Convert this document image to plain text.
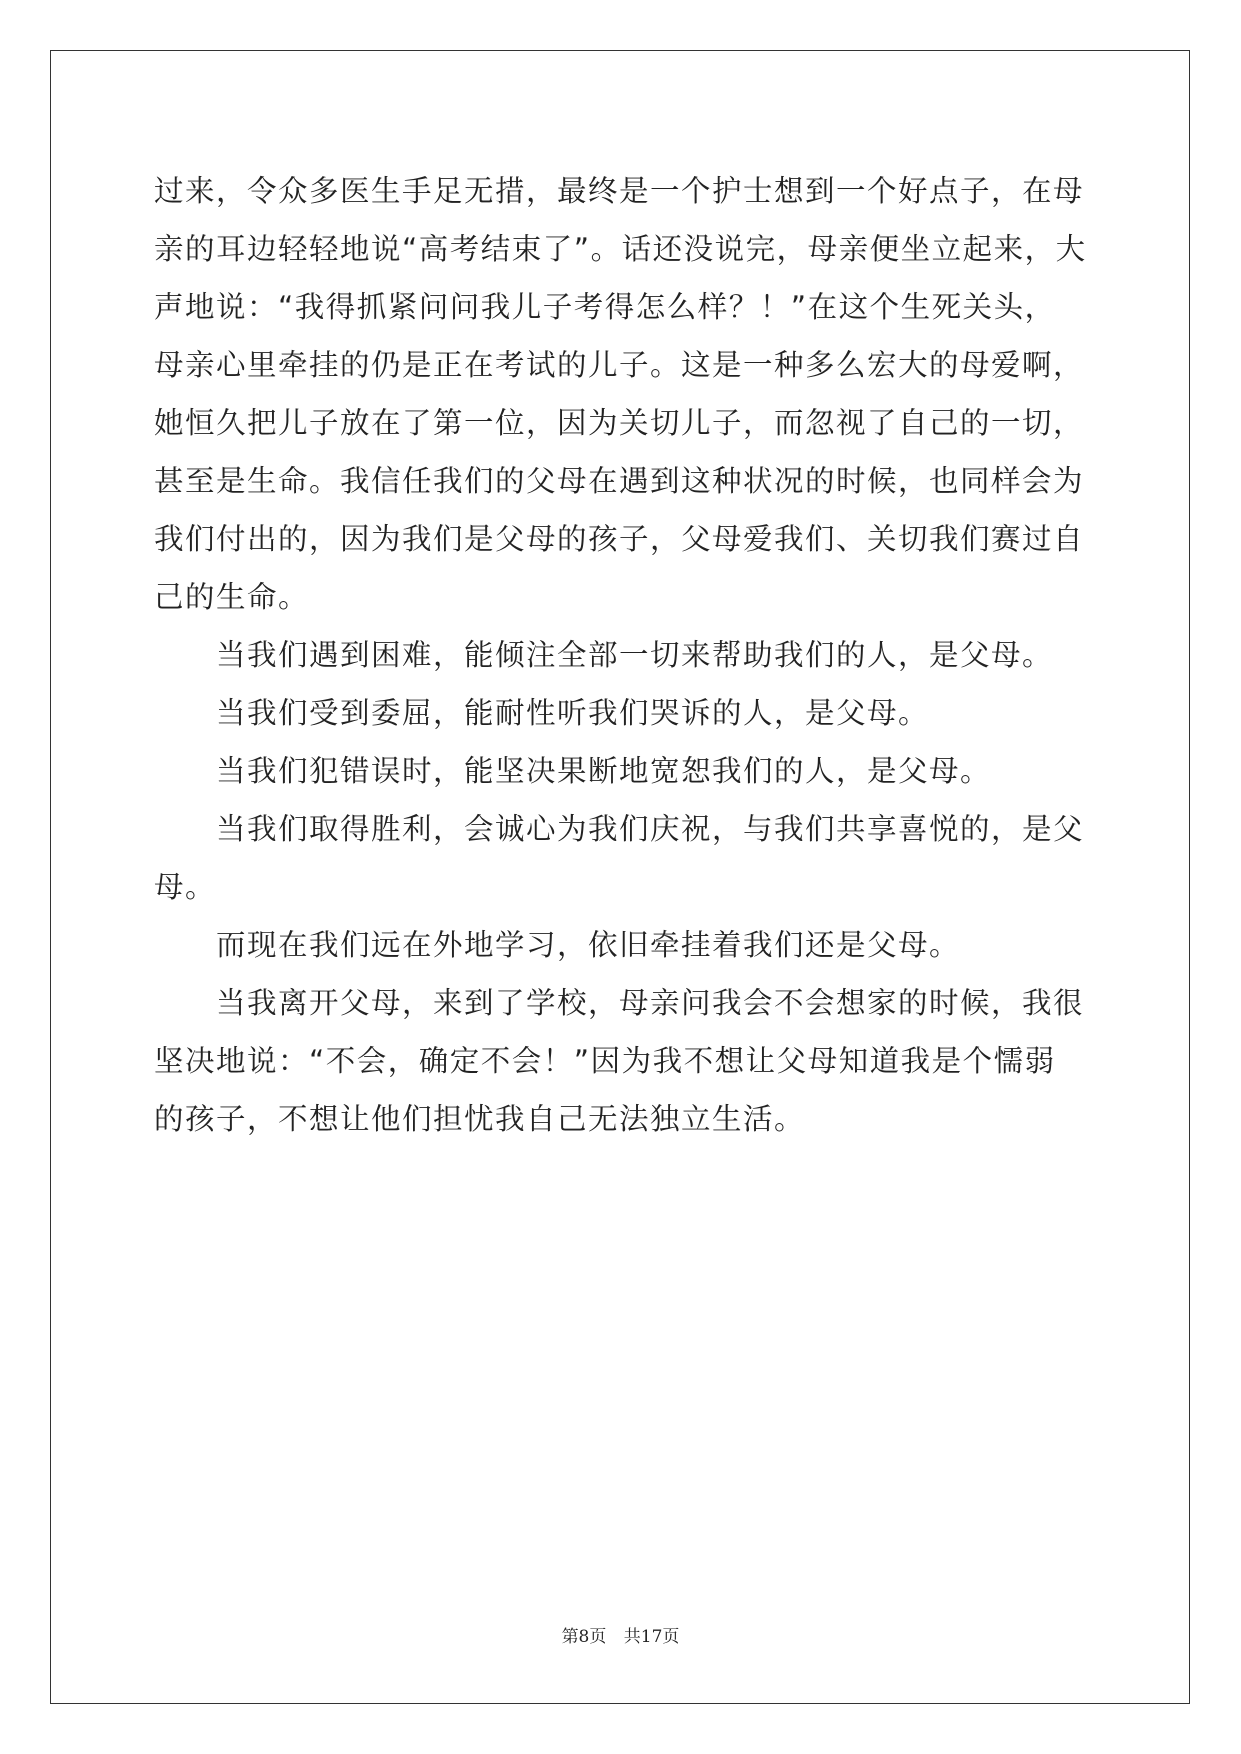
过来，令众多医生手足无措，最终是一个护士想到一个好点子，在母

亲的耳边轻轻地说“高考结束了”。话还没说完，母亲便坐立起来，大

声地说：“我得抓紧问问我儿子考得怎么样？！”在这个生死关头，

母亲心里牵挂的仍是正在考试的儿子。这是一种多么宏大的母爱啊，

她恒久把儿子放在了第一位，因为关切儿子，而忽视了自己的一切，

甚至是生命。我信任我们的父母在遇到这种状况的时候，也同样会为

我们付出的，因为我们是父母的孩子，父母爱我们、关切我们赛过自

己的生命。

当我们遇到困难，能倾注全部一切来帮助我们的人，是父母。

当我们受到委屈，能耐性听我们哭诉的人，是父母。

当我们犯错误时，能坚决果断地宽恕我们的人，是父母。

当我们取得胜利，会诚心为我们庆祝，与我们共享喜悦的，是父

母。

而现在我们远在外地学习，依旧牵挂着我们还是父母。

当我离开父母，来到了学校，母亲问我会不会想家的时候，我很

坚决地说：“不会，确定不会！”因为我不想让父母知道我是个懦弱

的孩子，不想让他们担忧我自己无法独立生活。

第8页 共17页
